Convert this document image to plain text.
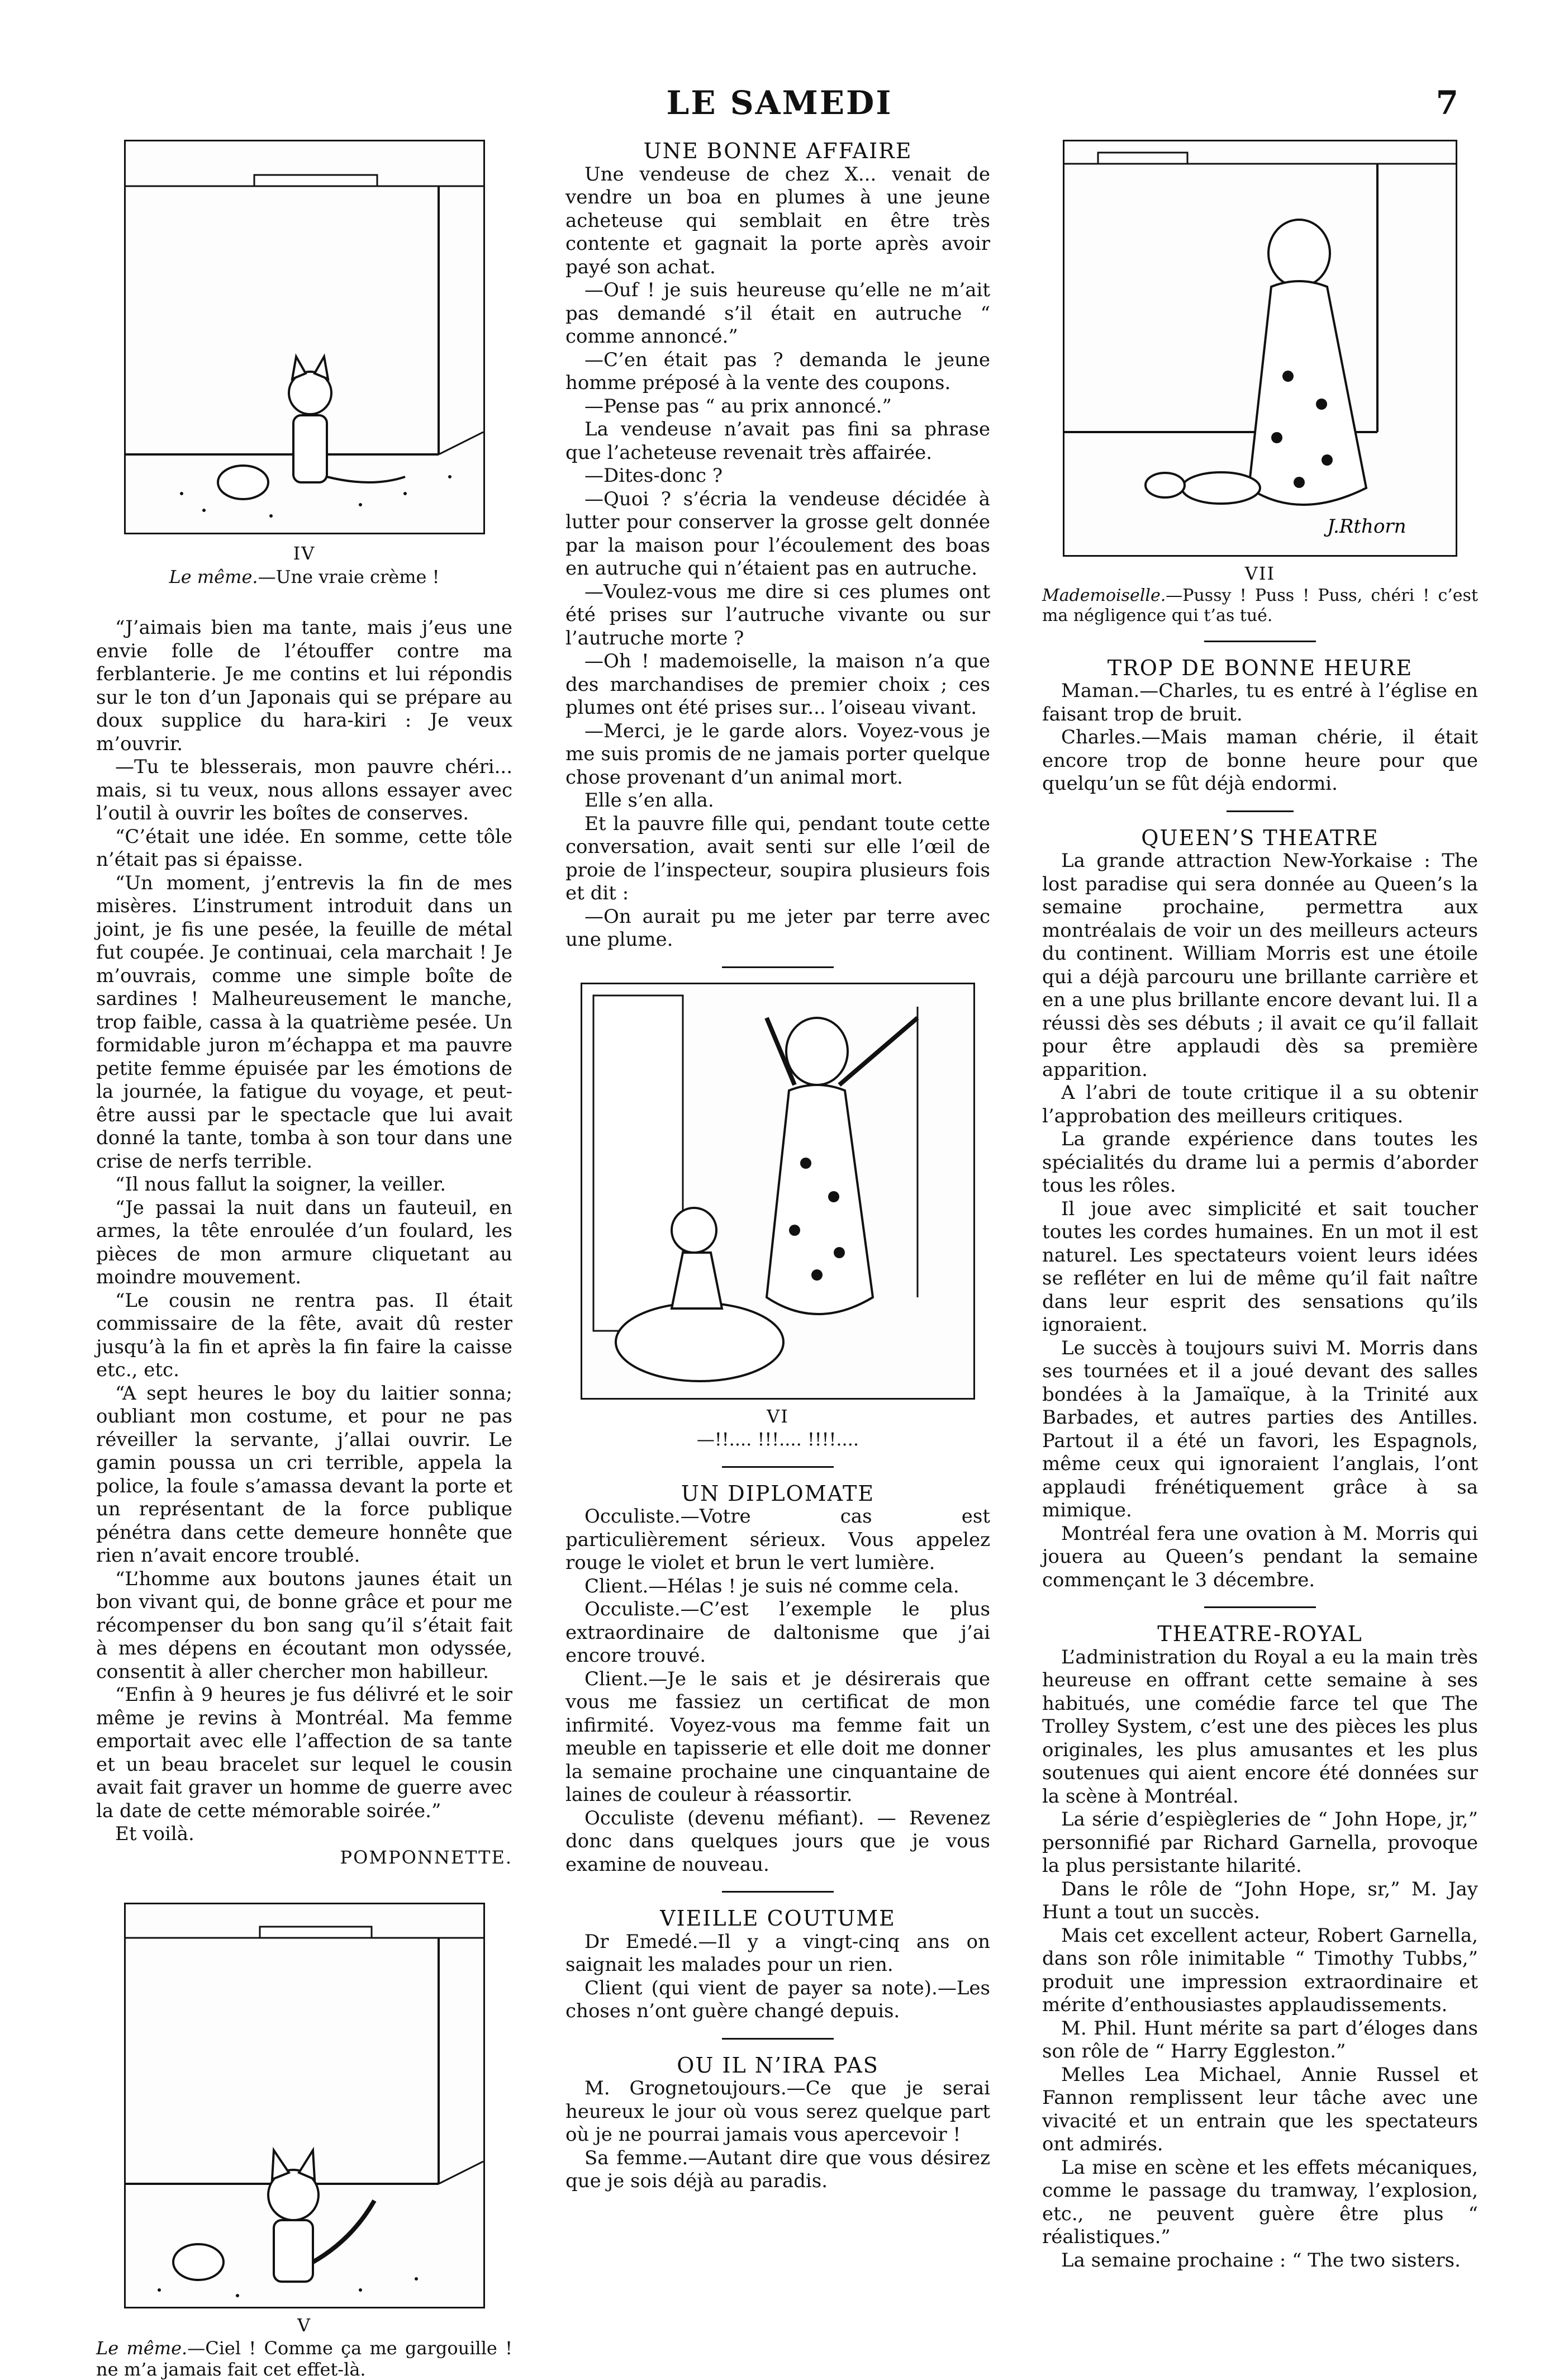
LE SAMEDI	7

IV

Le même.—Une vraie crème !

“J’aimais bien ma tante, mais j’eus une envie folle de l’étouffer contre ma ferblanterie. Je me contins et lui répondis sur le ton d’un Japonais qui se prépare au doux supplice du hara-kiri : Je veux m’ouvrir.

—Tu te blesserais, mon pauvre chéri... mais, si tu veux, nous allons essayer avec l’outil à ouvrir les boîtes de conserves.

“C’était une idée. En somme, cette tôle n’était pas si épaisse.

“Un moment, j’entrevis la fin de mes misères. L’instrument introduit dans un joint, je fis une pesée, la feuille de métal fut coupée. Je continuai, cela marchait ! Je m’ouvrais, comme une simple boîte de sardines ! Malheureusement le manche, trop faible, cassa à la quatrième pesée. Un formidable juron m’échappa et ma pauvre petite femme épuisée par les émotions de la journée, la fatigue du voyage, et peut-être aussi par le spectacle que lui avait donné la tante, tomba à son tour dans une crise de nerfs terrible.

“Il nous fallut la soigner, la veiller.

“Je passai la nuit dans un fauteuil, en armes, la tête enroulée d’un foulard, les pièces de mon armure cliquetant au moindre mouvement.

“Le cousin ne rentra pas. Il était commissaire de la fête, avait dû rester jusqu’à la fin et après la fin faire la caisse etc., etc.

“A sept heures le boy du laitier sonna; oubliant mon costume, et pour ne pas réveiller la servante, j’allai ouvrir. Le gamin poussa un cri terrible, appela la police, la foule s’amassa devant la porte et un représentant de la force publique pénétra dans cette demeure honnête que rien n’avait encore troublé.

“L’homme aux boutons jaunes était un bon vivant qui, de bonne grâce et pour me récompenser du bon sang qu’il s’était fait à mes dépens en écoutant mon odyssée, consentit à aller chercher mon habilleur.

“Enfin à 9 heures je fus délivré et le soir même je revins à Montréal. Ma femme emportait avec elle l’affection de sa tante et un beau bracelet sur lequel le cousin avait fait graver un homme de guerre avec la date de cette mémorable soirée.”

Et voilà.

POMPONNETTE.

V

Le même.—Ciel ! Comme ça me gargouille ! ne m’a jamais fait cet effet-là.

UNE BONNE AFFAIRE

Une vendeuse de chez X... venait de vendre un boa en plumes à une jeune acheteuse qui semblait en être très contente et gagnait la porte après avoir payé son achat.

—Ouf ! je suis heureuse qu’elle ne m’ait pas demandé s’il était en autruche “ comme annoncé.”

—C’en était pas ? demanda le jeune homme préposé à la vente des coupons.

—Pense pas “ au prix annoncé.”

La vendeuse n’avait pas fini sa phrase que l’acheteuse revenait très affairée.

—Dites-donc ?

—Quoi ? s’écria la vendeuse décidée à lutter pour conserver la grosse gelt donnée par la maison pour l’écoulement des boas en autruche qui n’étaient pas en autruche.

—Voulez-vous me dire si ces plumes ont été prises sur l’autruche vivante ou sur l’autruche morte ?

—Oh ! mademoiselle, la maison n’a que des marchandises de premier choix ; ces plumes ont été prises sur... l’oiseau vivant.

—Merci, je le garde alors. Voyez-vous je me suis promis de ne jamais porter quelque chose provenant d’un animal mort.

Elle s’en alla.

Et la pauvre fille qui, pendant toute cette conversation, avait senti sur elle l’œil de proie de l’inspecteur, soupira plusieurs fois et dit :

—On aurait pu me jeter par terre avec une plume.

VI

—!!.... !!!.... !!!!....

UN DIPLOMATE

Occuliste.—Votre cas est particulièrement sérieux. Vous appelez rouge le violet et brun le vert lumière.

Client.—Hélas ! je suis né comme cela.

Occuliste.—C’est l’exemple le plus extraordinaire de daltonisme que j’ai encore trouvé.

Client.—Je le sais et je désirerais que vous me fassiez un certificat de mon infirmité. Voyez-vous ma femme fait un meuble en tapisserie et elle doit me donner la semaine prochaine une cinquantaine de laines de couleur à réassortir.

Occuliste (devenu méfiant). — Revenez donc dans quelques jours que je vous examine de nouveau.

VIEILLE COUTUME

Dr Emedé.—Il y a vingt-cinq ans on saignait les malades pour un rien.

Client (qui vient de payer sa note).—Les choses n’ont guère changé depuis.

OU IL N’IRA PAS

M. Grognetoujours.—Ce que je serai heureux le jour où vous serez quelque part où je ne pourrai jamais vous apercevoir !

Sa femme.—Autant dire que vous désirez que je sois déjà au paradis.

J.Rthorn

VII

Mademoiselle.—Pussy ! Puss ! Puss, chéri ! c’est ma négligence qui t’as tué.

TROP DE BONNE HEURE

Maman.—Charles, tu es entré à l’église en faisant trop de bruit.

Charles.—Mais maman chérie, il était encore trop de bonne heure pour que quelqu’un se fût déjà endormi.

QUEEN’S THEATRE

La grande attraction New-Yorkaise : The lost paradise qui sera donnée au Queen’s la semaine prochaine, permettra aux montréalais de voir un des meilleurs acteurs du continent. William Morris est une étoile qui a déjà parcouru une brillante carrière et en a une plus brillante encore devant lui. Il a réussi dès ses débuts ; il avait ce qu’il fallait pour être applaudi dès sa première apparition.

A l’abri de toute critique il a su obtenir l’approbation des meilleurs critiques.

La grande expérience dans toutes les spécialités du drame lui a permis d’aborder tous les rôles.

Il joue avec simplicité et sait toucher toutes les cordes humaines. En un mot il est naturel. Les spectateurs voient leurs idées se refléter en lui de même qu’il fait naître dans leur esprit des sensations qu’ils ignoraient.

Le succès à toujours suivi M. Morris dans ses tournées et il a joué devant des salles bondées à la Jamaïque, à la Trinité aux Barbades, et autres parties des Antilles. Partout il a été un favori, les Espagnols, même ceux qui ignoraient l’anglais, l’ont applaudi frénétiquement grâce à sa mimique.

Montréal fera une ovation à M. Morris qui jouera au Queen’s pendant la semaine commençant le 3 décembre.

THEATRE-ROYAL

L’administration du Royal a eu la main très heureuse en offrant cette semaine à ses habitués, une comédie farce tel que The Trolley System, c’est une des pièces les plus originales, les plus amusantes et les plus soutenues qui aient encore été données sur la scène à Montréal.

La série d’espiègleries de “ John Hope, jr,” personnifié par Richard Garnella, provoque la plus persistante hilarité.

Dans le rôle de “John Hope, sr,” M. Jay Hunt a tout un succès.

Mais cet excellent acteur, Robert Garnella, dans son rôle inimitable “ Timothy Tubbs,” produit une impression extraordinaire et mérite d’enthousiastes applaudissements.

M. Phil. Hunt mérite sa part d’éloges dans son rôle de “ Harry Eggleston.”

Melles Lea Michael, Annie Russel et Fannon remplissent leur tâche avec une vivacité et un entrain que les spectateurs ont admirés.

La mise en scène et les effets mécaniques, comme le passage du tramway, l’explosion, etc., ne peuvent guère être plus “ réalistiques.”

La semaine prochaine : “ The two sisters.
